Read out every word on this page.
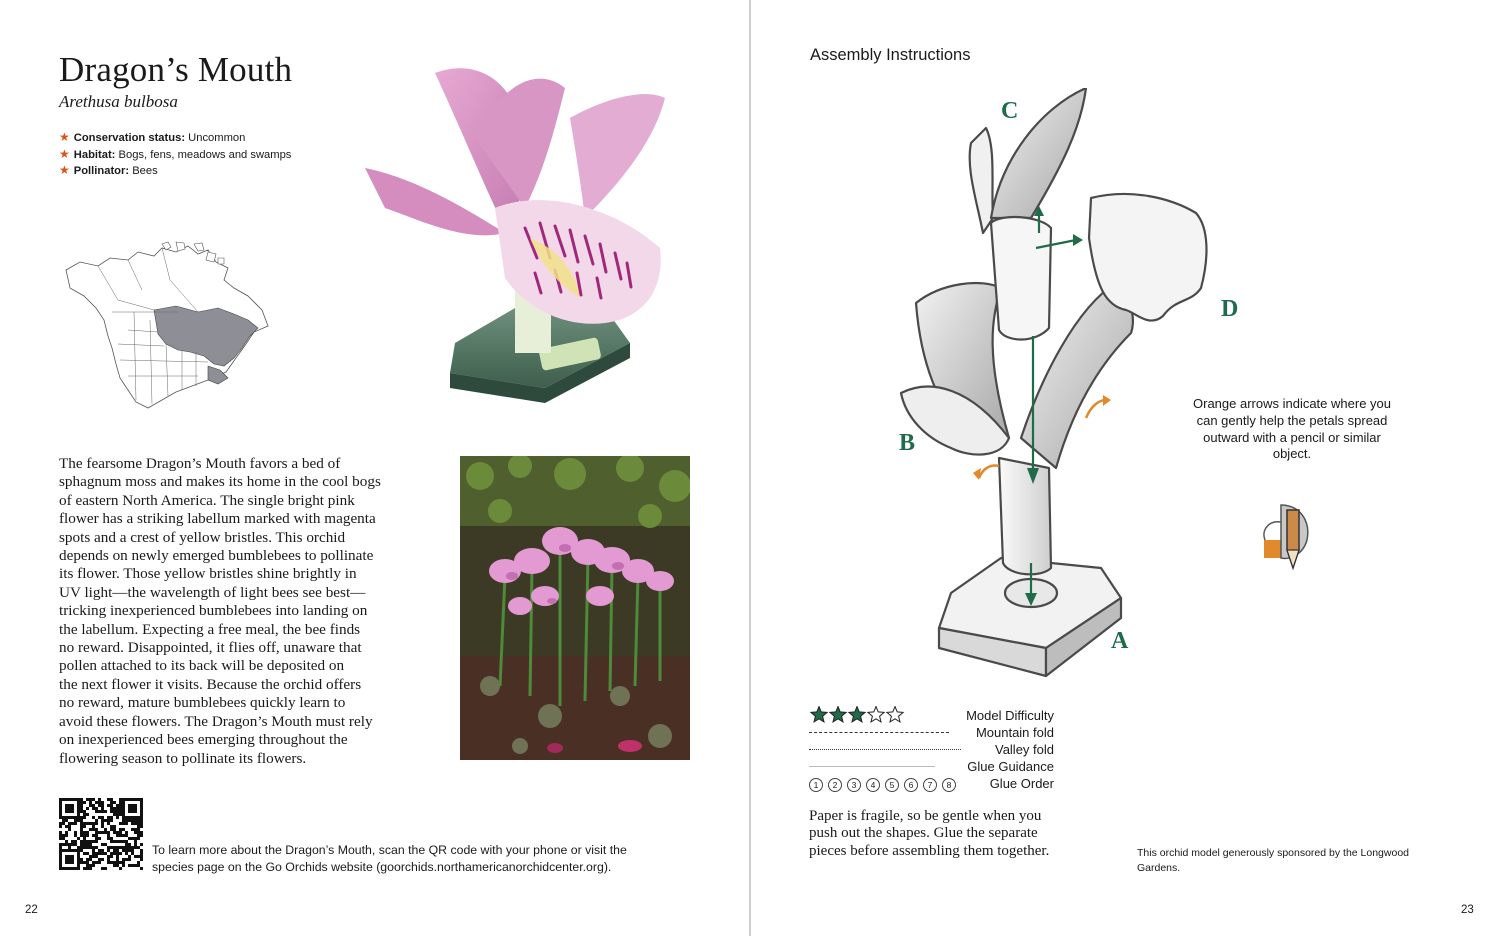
Dragon’s Mouth
Arethusa bulbosa
★ Conservation status: Uncommon
★ Habitat: Bogs, fens, meadows and swamps
★ Pollinator: Bees
The fearsome Dragon’s Mouth favors a bed of
sphagnum moss and makes its home in the cool bogs
of eastern North America. The single bright pink
flower has a striking labellum marked with magenta
spots and a crest of yellow bristles. This orchid
depends on newly emerged bumblebees to pollinate
its flower. Those yellow bristles shine brightly in
UV light—the wavelength of light bees see best—
tricking inexperienced bumblebees into landing on
the labellum. Expecting a free meal, the bee finds
no reward. Disappointed, it flies off, unaware that
pollen attached to its back will be deposited on
the next flower it visits. Because the orchid offers
no reward, mature bumblebees quickly learn to
avoid these flowers. The Dragon’s Mouth must rely
on inexperienced bees emerging throughout the
flowering season to pollinate its flowers.
To learn more about the Dragon’s Mouth, scan the QR code with your phone or visit the
species page on the Go Orchids website (goorchids.northamericanorchidcenter.org).
22
Assembly Instructions
A
B
C
D
Orange arrows indicate where you can gently help the petals spread outward with a pencil or similar object.
Model Difficulty
Mountain fold
Valley fold
Glue Guidance
1 2 3 4 5 6 7 8	Glue Order
Paper is fragile, so be gentle when you push out the shapes. Glue the separate pieces before assembling them together.	This orchid model generously sponsored by the Longwood Gardens.
23
